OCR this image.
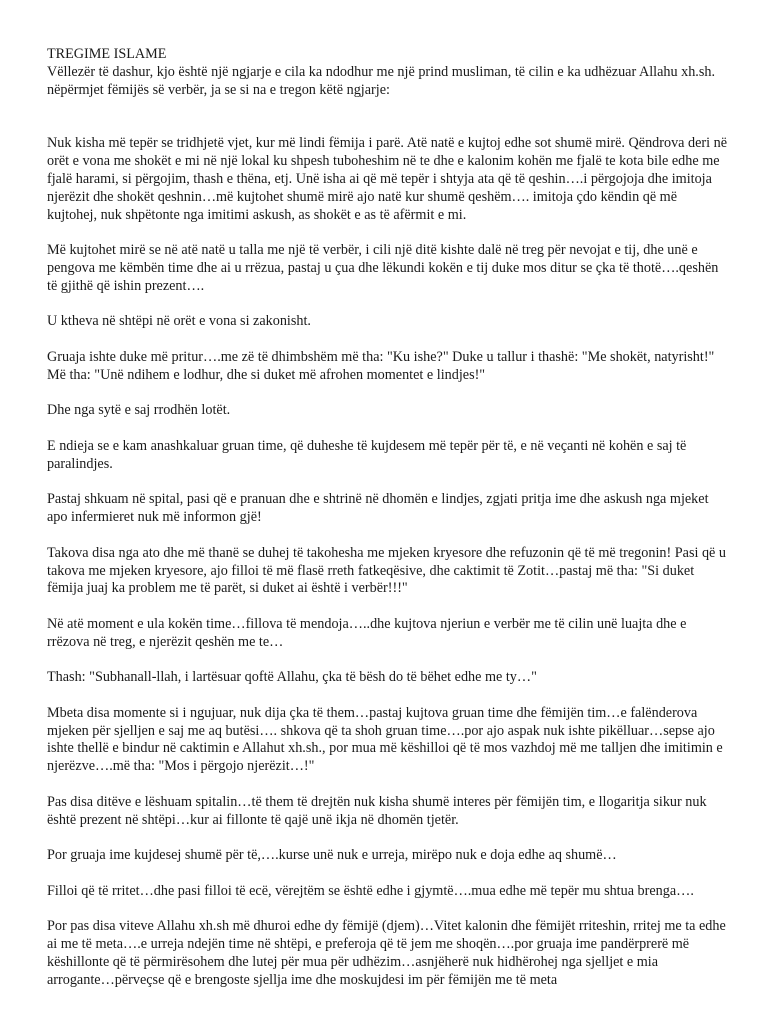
TREGIME ISLAME

Vëllezër të dashur, kjo është një ngjarje e cila ka ndodhur me një prind musliman, të cilin e ka udhëzuar Allahu xh.sh. nëpërmjet fëmijës së verbër, ja se si na e tregon këtë ngjarje:

Nuk kisha më tepër se tridhjetë vjet, kur më lindi fëmija i parë. Atë natë e kujtoj edhe sot shumë mirë. Qëndrova deri në orët e vona me shokët e mi në një lokal ku shpesh tuboheshim në te dhe e kalonim kohën me fjalë te kota bile edhe me fjalë harami, si përgojim, thash e thëna, etj. Unë isha ai që më tepër i shtyja ata që të qeshin….i përgojoja dhe imitoja njerëzit dhe shokët qeshnin…më kujtohet shumë mirë ajo natë kur shumë qeshëm…. imitoja çdo këndin që më kujtohej, nuk shpëtonte nga imitimi askush, as shokët e as të afërmit e mi.

Më kujtohet mirë se në atë natë u talla me një të verbër, i cili një ditë kishte dalë në treg për nevojat e tij, dhe unë e pengova me këmbën time dhe ai u rrëzua, pastaj u çua dhe lëkundi kokën e tij duke mos ditur se çka të thotë….qeshën të gjithë që ishin prezent….

U ktheva në shtëpi në orët e vona si zakonisht.

Gruaja ishte duke më pritur….me zë të dhimbshëm më tha: "Ku ishe?" Duke u tallur i thashë: "Me shokët, natyrisht!" Më tha: "Unë ndihem e lodhur, dhe si duket më afrohen momentet e lindjes!"

Dhe nga sytë e saj rrodhën lotët.

E ndieja se e kam anashkaluar gruan time, që duheshe të kujdesem më tepër për të, e në veçanti në kohën e saj të paralindjes.

Pastaj shkuam në spital, pasi që e pranuan dhe e shtrinë në dhomën e lindjes, zgjati pritja ime dhe askush nga mjeket apo infermieret nuk më informon gjë!

Takova disa nga ato dhe më thanë se duhej të takohesha me mjeken kryesore dhe refuzonin që të më tregonin! Pasi që u takova me mjeken kryesore, ajo filloi të më flasë rreth fatkeqësive, dhe caktimit të Zotit…pastaj më tha: "Si duket fëmija juaj ka problem me të parët, si duket ai është i verbër!!!"

Në atë moment e ula kokën time…fillova të mendoja…..dhe kujtova njeriun e verbër me të cilin unë luajta dhe e rrëzova në treg, e njerëzit qeshën me te…

Thash: "Subhanall-llah, i lartësuar qoftë Allahu, çka të bësh do të bëhet edhe me ty…"

Mbeta disa momente si i ngujuar, nuk dija çka të them…pastaj kujtova gruan time dhe fëmijën tim…e falënderova mjeken për sjelljen e saj me aq butësi…. shkova që ta shoh gruan time….por ajo aspak nuk ishte pikëlluar…sepse ajo ishte thellë e bindur në caktimin e Allahut xh.sh., por mua më këshilloi që të mos vazhdoj më me talljen dhe imitimin e njerëzve….më tha: "Mos i përgojo njerëzit…!"

Pas disa ditëve e lëshuam spitalin…të them të drejtën nuk kisha shumë interes për fëmijën tim, e llogaritja sikur nuk është prezent në shtëpi…kur ai fillonte të qajë unë ikja në dhomën tjetër.

Por gruaja ime kujdesej shumë për të,….kurse unë nuk e urreja, mirëpo nuk e doja edhe aq shumë…

Filloi që të rritet…dhe pasi filloi të ecë, vërejtëm se është edhe i gjymtë….mua edhe më tepër mu shtua brenga….

Por pas disa viteve Allahu xh.sh më dhuroi edhe dy fëmijë (djem)…Vitet kalonin dhe fëmijët rriteshin, rritej me ta edhe ai me të meta….e urreja ndejën time në shtëpi, e preferoja që të jem me shoqën….por gruaja ime pandërprerë më këshillonte që të përmirësohem dhe lutej për mua për udhëzim…asnjëherë nuk hidhërohej nga sjelljet e mia arrogante…përveçse që e brengoste sjellja ime dhe moskujdesi im për fëmijën me të meta
